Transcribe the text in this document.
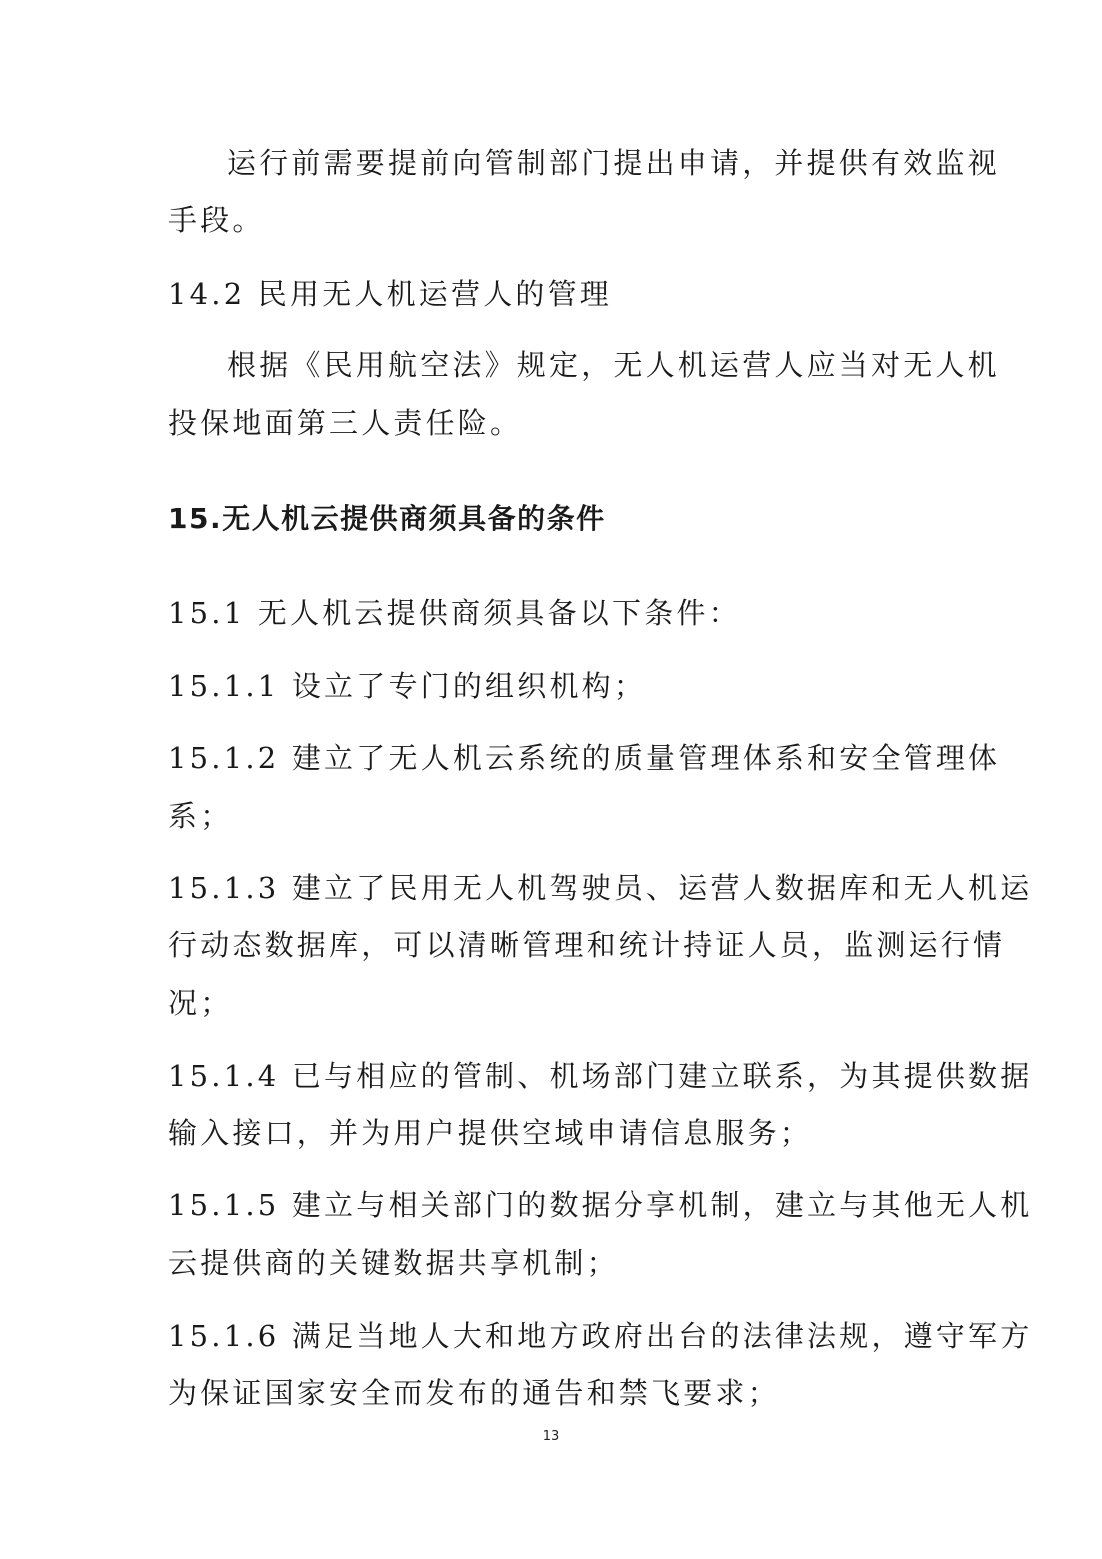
运行前需要提前向管制部门提出申请，并提供有效监视
手段。
14.2 民用无人机运营人的管理
根据《民用航空法》规定，无人机运营人应当对无人机
投保地面第三人责任险。
15.无人机云提供商须具备的条件
15.1 无人机云提供商须具备以下条件：
15.1.1 设立了专门的组织机构；
15.1.2 建立了无人机云系统的质量管理体系和安全管理体
系；
15.1.3 建立了民用无人机驾驶员、运营人数据库和无人机运
行动态数据库，可以清晰管理和统计持证人员，监测运行情
况；
15.1.4 已与相应的管制、机场部门建立联系，为其提供数据
输入接口，并为用户提供空域申请信息服务；
15.1.5 建立与相关部门的数据分享机制，建立与其他无人机
云提供商的关键数据共享机制；
15.1.6 满足当地人大和地方政府出台的法律法规，遵守军方
为保证国家安全而发布的通告和禁飞要求；
13
